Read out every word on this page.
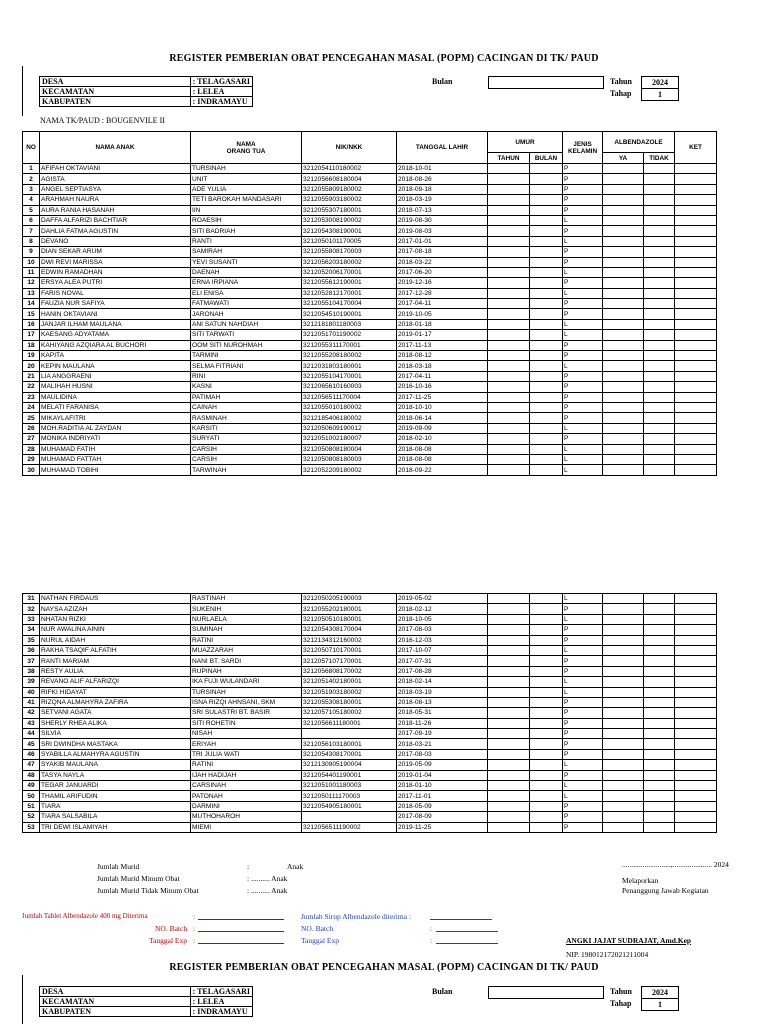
REGISTER PEMBERIAN OBAT PENCEGAHAN MASAL (POPM) CACINGAN DI TK/ PAUD
DESA	: TELAGASARI
KECAMATAN	: LELEA
KABUPATEN	: INDRAMAYU
Bulan	Tahun	2024
Tahap	1
NAMA TK/PAUD : BOUGENVILE II
NO	NAMA ANAK	NAMA
ORANG TUA	NIK/NKK	TANGGAL LAHIR	UMUR		JENIS
KELAMIN	ALBENDAZOLE		KET
					TAHUN	BULAN		YA	TIDAK	
1	AFIFAH OKTAVIANI	TURSINAH	3212054110180002	2018-10-01			P			
2	AGISTA	UNIT	3212056608180004	2018-08-26			P			
3	ANGEL SEPTIASYA	ADE YULIA	3212055809180002	2018-09-18			P			
4	ARAHMAH NAURA	TETI BAROKAH MANDASARI	3212055903180002	2018-03-19			P			
5	AURA RANIA HASANAH	IIN	3212055307180001	2018-07-13			P			
6	DAFFA ALFARIZI BACHTIAR	ROAESIH	3212053008190002	2019-08-30			L			
7	DAHLIA FATMA AGUSTIN	SITI BADRIAH	3212054308190001	2019-08-03			P			
8	DEVANO	RANTI	3212050101170005	2017-01-01			L			
9	DIAN SEKAR ARUM	SAMIRAH	3212055808170003	2017-08-18			P			
10	DWI REVI MARISSA	YEVI SUSANTI	3212056203180002	2018-03-22			P			
11	EDWIN RAMADHAN	DAENAH	3212052006170001	2017-06-20			L			
12	ERSYA ALEA PUTRI	ERNA IRPIANA	3212055612190001	2019-12-16			P			
13	FARIS NOVAL	ELI ENISA	3212052812170001	2017-12-28			L			
14	FAUZIA NUR SAFIYA	FATMAWATI	3212055104170004	2017-04-11			P			
15	HANIN OKTAVIANI	JARONAH	3212054510190001	2019-10-05			P			
16	JANJAR ILHAM MAULANA	ANI SATUN NAHDIAH	3212181801180003	2018-01-18			L			
17	KAESANG ADYATAMA	SITI TARWATI	3212051701190002	2019-01-17			L			
18	KAHIYANG AZQIARA AL BUCHORI	OOM SITI NUROHMAH	3212055311170001	2017-11-13			P			
19	KAPITA	TARMINI	3212055208180002	2018-08-12			P			
20	KEPIN MAULANA	SELMA FITRIANI	3212031803180001	2018-03-18			L			
21	LIA ANGGRAENI	RINI	3212055104170001	2017-04-11			P			
22	MALIHAH HUSNI	KASNI	3212065610160003	2016-10-16			P			
23	MAULIDINA	PATIMAH	3212056511170004	2017-11-25			P			
24	MELATI FARANISA	CAINAH	3212055010180002	2018-10-10			P			
25	MIKAYLAFITRI	RASMINAH	3212185406180002	2018-06-14			P			
26	MOH.RADITIA AL ZAYDAN	KARSITI	3212050609190012	2019-09-09			L			
27	MONIKA INDRIYATI	SURYATI	3212051002180007	2018-02-10			P			
28	MUHAMAD FATIH	CARSIH	3212050808180004	2018-08-08			L			
29	MUHAMAD FATTAH	CARSIH	3212050808180003	2018-08-08			L			
30	MUHAMAD TOBIHI	TARWINAH	3212052209180002	2018-09-22			L			
31	NATHAN FIRDAUS	RASTINAH	3212050205190003	2019-05-02			L			
32	NAYSA AZIZAH	SUKENIH	3212055202180001	2018-02-12			P			
33	NHATAN RIZKI	NURLAELA	3212050510180001	2018-10-05			L			
34	NUR AWALINA AININ	SUMINAH	3212054308170004	2017-08-03			P			
35	NURUL AIDAH	RATINI	3212134312160002	2016-12-03			P			
36	RAKHA TSAQIF ALFATIH	MUAZZARAH	3212050710170001	2017-10-07			L			
37	RANTI MARIAM	NANI BT. SARDI	3212057107170001	2017-07-31			P			
38	RESTY AULIA	RUPINAH	3212056808170002	2017-08-28			P			
39	REVANO ALIF ALFARIZQI	IKA FUJI WULANDARI	3212051402180001	2018-02-14			L			
40	RIFKI HIDAYAT	TURSINAH	3212051903180002	2018-03-19			L			
41	RIZQNA ALMAHYRA ZAFIRA	ISNA RIZQI AHNSANI, SKM	3212055308180001	2018-08-13			P			
42	SETVANI AGATA	SRI SULASTRI BT. BASIR	3212057105180002	2018-05-31			P			
43	SHERLY RHEA ALIKA	SITI ROHETIN	3212056611180001	2018-11-26			P			
44	SILVIA	NISAH		2017-09-19			P			
45	SRI DWINDHA MASTAKA	ERIYAH	3212056103180001	2018-03-21			P			
46	SYABILLA ALMAHYRA AGUSTIN	TRI JULIA WATI	3212054308170001	2017-08-03			P			
47	SYAKIB MAULANA	RATINI	3212130905190004	2019-05-09			L			
48	TASYA NAYLA	IJAH HADIJAH	3212054401190001	2019-01-04			P			
49	TEGAR JANUARDI	CARSINAH	3212051001180003	2018-01-10			L			
50	THAMIL ARIFUDIN	PATONAH	3212050111170003	2017-11-01			L			
51	TIARA	DARMINI	3212054905180001	2018-05-09			P			
52	TIARA SALSABILA	MUTHOHAROH		2017-08-09			P			
53	TRI DEWI ISLAMIYAH	MIEMI	3212056511190002	2019-11-25			P			
Jumlah Murid	:	Anak
Jumlah Murid Minum Obat	: .......... Anak
Jumlah Murid Tidak Minum Obat	: .......... Anak
..........................,..................... 2024
Melaporkan
Penanggung Jawab Kegiatan
Jumlah Tablet Albendazole 400 mg Diterima	:
NO. Batch :
Tanggal Exp :
Jumlah Sirup Albendazole diterima :
NO. Batch	:
Tanggal Exp	:	ANGKI JAJAT SUDRAJAT, Amd.Kep
NIP. 198012172021211004
REGISTER PEMBERIAN OBAT PENCEGAHAN MASAL (POPM) CACINGAN DI TK/ PAUD
DESA	: TELAGASARI
KECAMATAN	: LELEA
KABUPATEN	: INDRAMAYU
Bulan	Tahun	2024
Tahap	1
